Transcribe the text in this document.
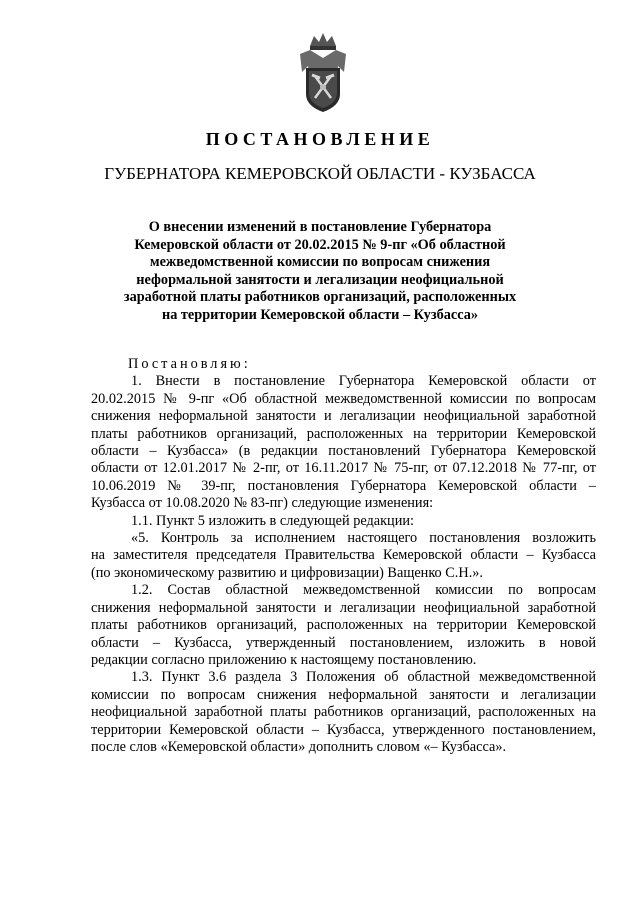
ПОСТАНОВЛЕНИЕ
ГУБЕРНАТОРА КЕМЕРОВСКОЙ ОБЛАСТИ - КУЗБАССА
О внесении изменений в постановление Губернатора
Кемеровской области от 20.02.2015 № 9-пг «Об областной
межведомственной комиссии по вопросам снижения
неформальной занятости и легализации неофициальной
заработной платы работников организаций, расположенных
на территории Кемеровской области – Кузбасса»
Постановляю:
1. Внести в постановление Губернатора Кемеровской области от
20.02.2015 № 9-пг «Об областной межведомственной комиссии по вопросам
снижения неформальной занятости и легализации неофициальной заработной
платы работников организаций, расположенных на территории Кемеровской
области – Кузбасса» (в редакции постановлений Губернатора Кемеровской
области от 12.01.2017 № 2-пг, от 16.11.2017 № 75-пг, от 07.12.2018 № 77-пг, от
10.06.2019 № 39-пг, постановления Губернатора Кемеровской области –
Кузбасса от 10.08.2020 № 83-пг) следующие изменения:
1.1. Пункт 5 изложить в следующей редакции:
«5. Контроль за исполнением настоящего постановления возложить
на заместителя председателя Правительства Кемеровской области – Кузбасса
(по экономическому развитию и цифровизации) Ващенко С.Н.».
1.2. Состав областной межведомственной комиссии по вопросам
снижения неформальной занятости и легализации неофициальной заработной
платы работников организаций, расположенных на территории Кемеровской
области – Кузбасса, утвержденный постановлением, изложить в новой
редакции согласно приложению к настоящему постановлению.
1.3. Пункт 3.6 раздела 3 Положения об областной межведомственной
комиссии по вопросам снижения неформальной занятости и легализации
неофициальной заработной платы работников организаций, расположенных на
территории Кемеровской области – Кузбасса, утвержденного постановлением,
после слов «Кемеровской области» дополнить словом «– Кузбасса».
